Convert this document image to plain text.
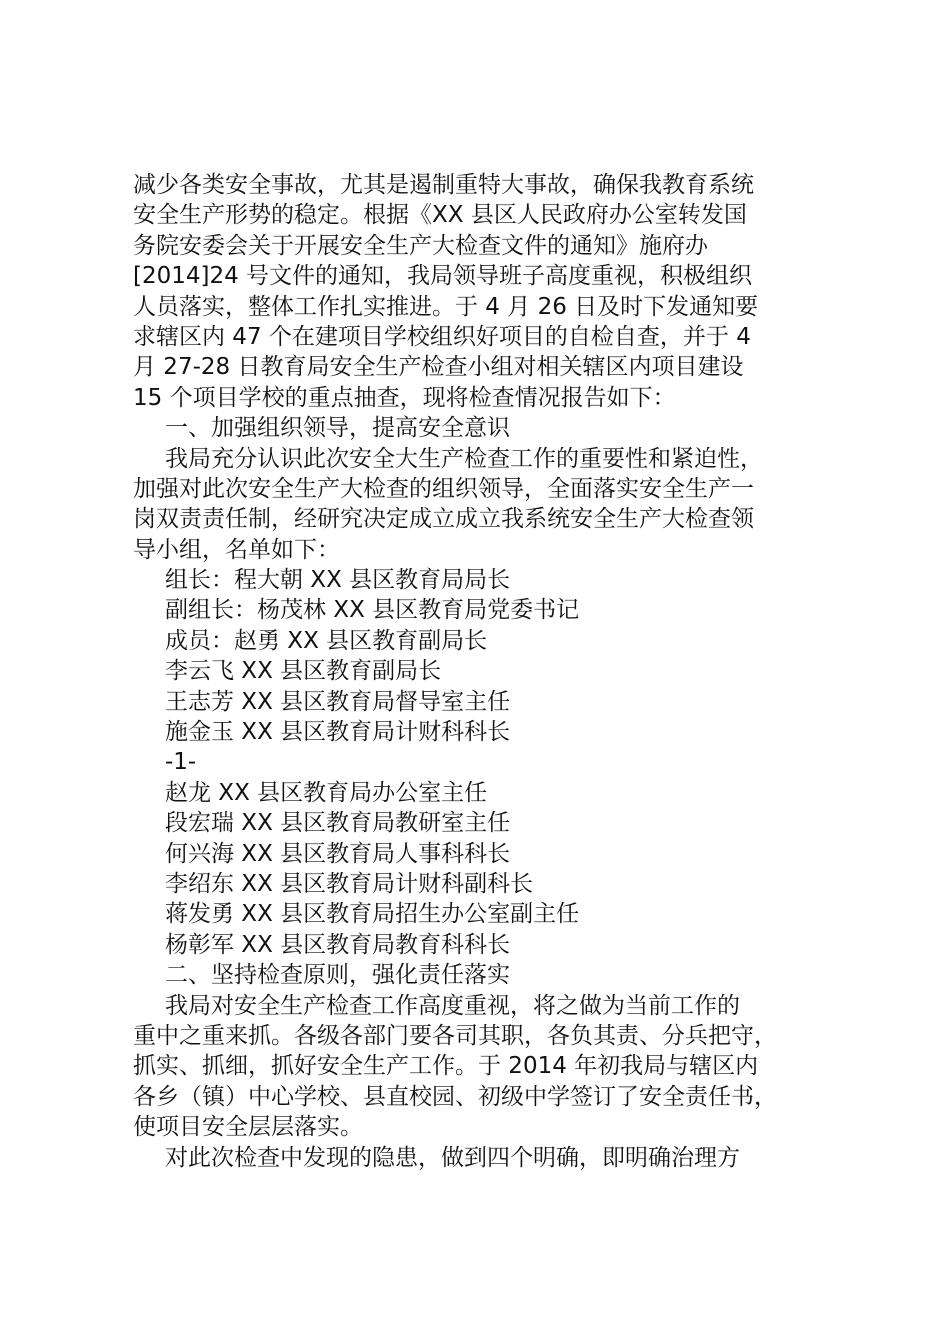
减少各类安全事故，尤其是遏制重特大事故，确保我教育系统
安全生产形势的稳定。根据《XX 县区人民政府办公室转发国
务院安委会关于开展安全生产大检查文件的通知》施府办
[2014]24 号文件的通知，我局领导班子高度重视，积极组织
人员落实，整体工作扎实推进。于 4 月 26 日及时下发通知要
求辖区内 47 个在建项目学校组织好项目的自检自查，并于 4
月 27-28 日教育局安全生产检查小组对相关辖区内项目建设
15 个项目学校的重点抽查，现将检查情况报告如下：
一、加强组织领导，提高安全意识
我局充分认识此次安全大生产检查工作的重要性和紧迫性，
加强对此次安全生产大检查的组织领导，全面落实安全生产一
岗双责责任制，经研究决定成立成立我系统安全生产大检查领
导小组，名单如下：
组长：程大朝 XX 县区教育局局长
副组长：杨茂林 XX 县区教育局党委书记
成员：赵勇 XX 县区教育副局长
李云飞 XX 县区教育副局长
王志芳 XX 县区教育局督导室主任
施金玉 XX 县区教育局计财科科长
-1-
赵龙 XX 县区教育局办公室主任
段宏瑞 XX 县区教育局教研室主任
何兴海 XX 县区教育局人事科科长
李绍东 XX 县区教育局计财科副科长
蒋发勇 XX 县区教育局招生办公室副主任
杨彰军 XX 县区教育局教育科科长
二、坚持检查原则，强化责任落实
我局对安全生产检查工作高度重视，将之做为当前工作的
重中之重来抓。各级各部门要各司其职，各负其责、分兵把守，
抓实、抓细，抓好安全生产工作。于 2014 年初我局与辖区内
各乡（镇）中心学校、县直校园、初级中学签订了安全责任书，
使项目安全层层落实。
对此次检查中发现的隐患，做到四个明确，即明确治理方
